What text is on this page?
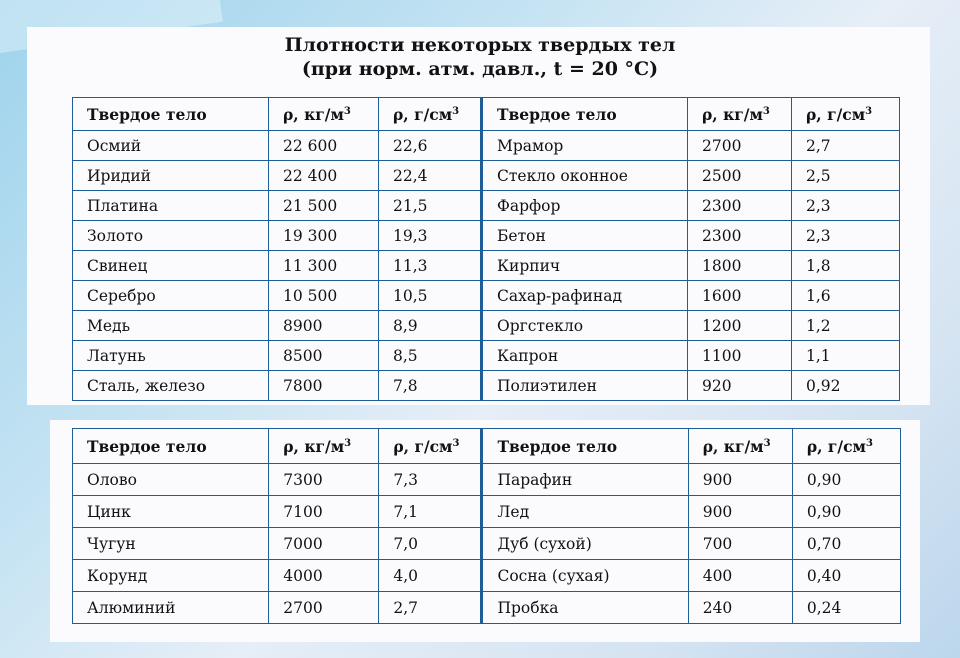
Плотности некоторых твердых тел
(при норм. атм. давл., t = 20 °С)
Твердое тело	ρ, $кг/м^3$	ρ, $г/см^3$	Твердое тело	ρ, $кг/м^3$	ρ, $г/см^3$
Осмий	22 600	22,6	Мрамор	2700	2,7
Иридий	22 400	22,4	Стекло оконное	2500	2,5
Платина	21 500	21,5	Фарфор	2300	2,3
Золото	19 300	19,3	Бетон	2300	2,3
Свинец	11 300	11,3	Кирпич	1800	1,8
Серебро	10 500	10,5	Сахар-рафинад	1600	1,6
Медь	8900	8,9	Оргстекло	1200	1,2
Латунь	8500	8,5	Капрон	1100	1,1
Сталь, железо	7800	7,8	Полиэтилен	920	0,92
Твердое тело	ρ, $кг/м^3$	ρ, $г/см^3$	Твердое тело	ρ, $кг/м^3$	ρ, $г/см^3$
Олово	7300	7,3	Парафин	900	0,90
Цинк	7100	7,1	Лед	900	0,90
Чугун	7000	7,0	Дуб (сухой)	700	0,70
Корунд	4000	4,0	Сосна (сухая)	400	0,40
Алюминий	2700	2,7	Пробка	240	0,24
